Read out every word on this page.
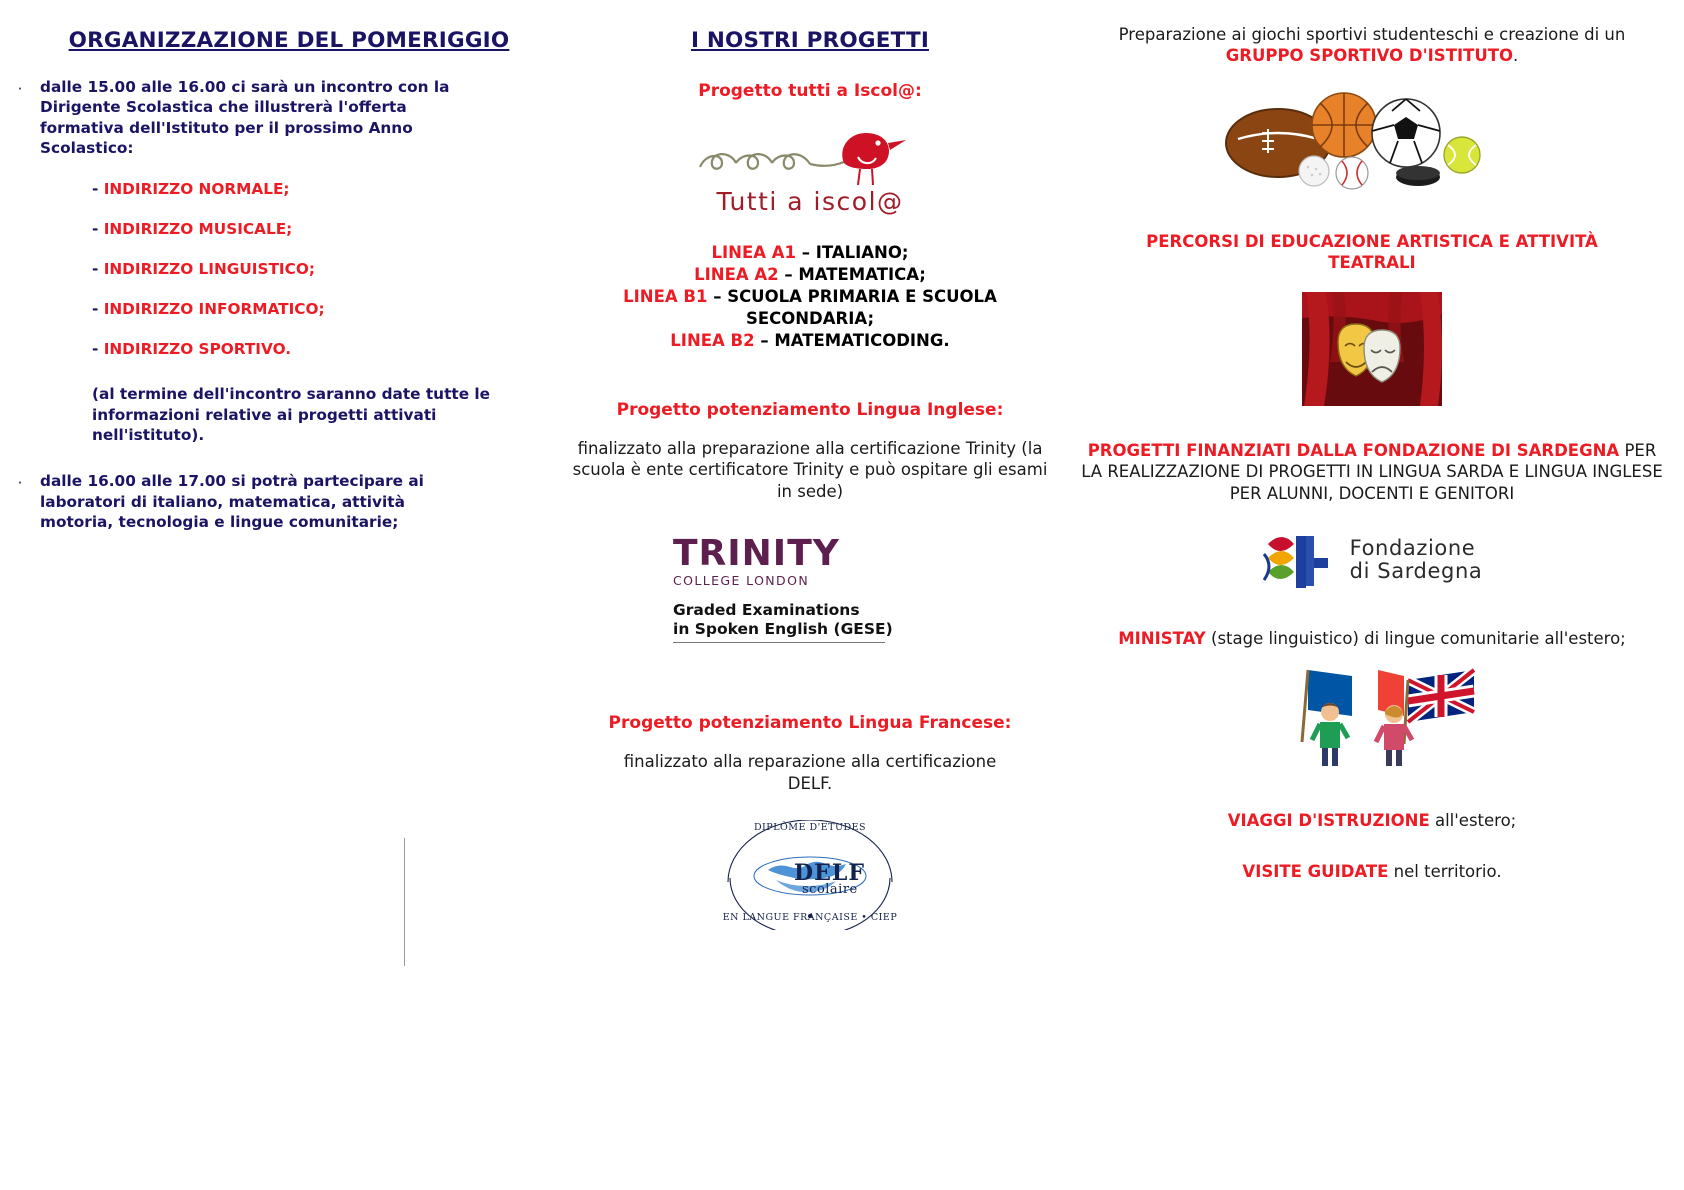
ORGANIZZAZIONE DEL POMERIGGIO
·	dalle 15.00 alle 16.00 ci sarà un incontro con la Dirigente Scolastica che illustrerà l'offerta formativa dell'Istituto per il prossimo Anno Scolastico:
- INDIRIZZO NORMALE;
- INDIRIZZO MUSICALE;
- INDIRIZZO LINGUISTICO;
- INDIRIZZO INFORMATICO;
- INDIRIZZO SPORTIVO.
(al termine dell'incontro saranno date tutte le informazioni relative ai progetti attivati nell'istituto).
·	dalle 16.00 alle 17.00 si potrà partecipare ai laboratori di italiano, matematica, attività motoria, tecnologia e lingue comunitarie;
I NOSTRI PROGETTI
Progetto tutti a Iscol@:
Tutti a iscol@
LINEA A1 – ITALIANO;
LINEA A2 – MATEMATICA;
LINEA B1 – SCUOLA PRIMARIA E SCUOLA SECONDARIA;
LINEA B2 – MATEMATICODING.
Progetto potenziamento Lingua Inglese:
finalizzato alla preparazione alla certificazione Trinity (la scuola è ente certificatore Trinity e può ospitare gli esami in sede)
TRINITY
COLLEGE LONDON
Graded Examinations
in Spoken English (GESE)
Progetto potenziamento Lingua Francese:
finalizzato alla reparazione alla certificazione DELF.
DIPLÔME D'ETUDES
DELF
scolaire
EN LANGUE FRANÇAISE • CIEP
Preparazione ai giochi sportivi studenteschi e creazione di un GRUPPO SPORTIVO D'ISTITUTO.
PERCORSI DI EDUCAZIONE ARTISTICA E ATTIVITÀ TEATRALI
PROGETTI FINANZIATI DALLA FONDAZIONE DI SARDEGNA PER LA REALIZZAZIONE DI PROGETTI IN LINGUA SARDA E LINGUA INGLESE PER ALUNNI, DOCENTI E GENITORI
Fondazione
di Sardegna
MINISTAY (stage linguistico) di lingue comunitarie all'estero;
VIAGGI D'ISTRUZIONE all'estero;
VISITE GUIDATE nel territorio.
